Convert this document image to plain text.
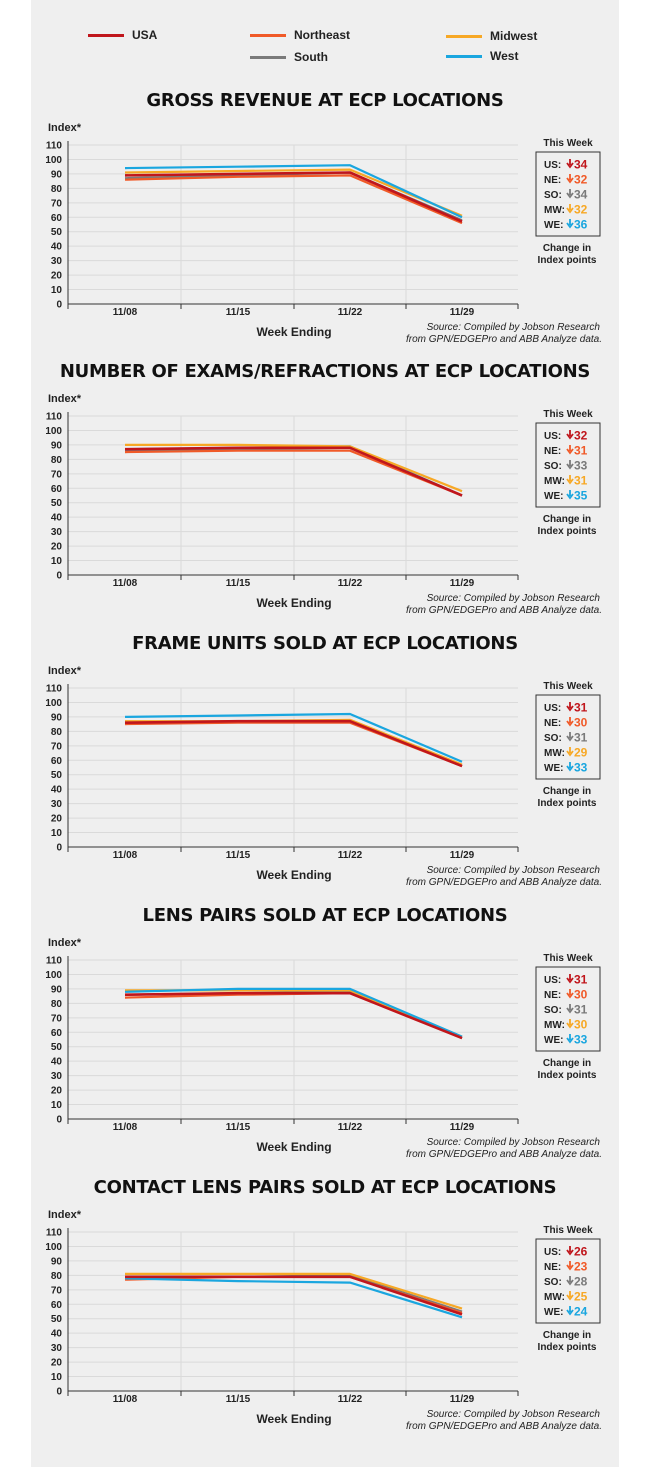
USA	Northeast
South
Midwest
West
GROSS REVENUE AT ECP LOCATIONS
Index*
0
10
20
30
40
50
60
70
80
90
100
110
11/08	11/15	11/22	11/29
Week Ending	Source: Compiled by Jobson Research
from GPN/EDGEPro and ABB Analyze data.
This Week
US: 34
NE: 32
SO: 34
MW: 32
WE: 36
Change in
Index points
NUMBER OF EXAMS/REFRACTIONS AT ECP LOCATIONS
Index*
0
10
20
30
40
50
60
70
80
90
100
110
11/08	11/15	11/22	11/29
Week Ending	Source: Compiled by Jobson Research
from GPN/EDGEPro and ABB Analyze data.
This Week
US: 32
NE: 31
SO: 33
MW: 31
WE: 35
Change in
Index points
FRAME UNITS SOLD AT ECP LOCATIONS
Index*
0
10
20
30
40
50
60
70
80
90
100
110
11/08	11/15	11/22	11/29
Week Ending	Source: Compiled by Jobson Research
from GPN/EDGEPro and ABB Analyze data.
This Week
US: 31
NE: 30
SO: 31
MW: 29
WE: 33
Change in
Index points
LENS PAIRS SOLD AT ECP LOCATIONS
Index*
0
10
20
30
40
50
60
70
80
90
100
110
11/08	11/15	11/22	11/29
Week Ending	Source: Compiled by Jobson Research
from GPN/EDGEPro and ABB Analyze data.
This Week
US: 31
NE: 30
SO: 31
MW: 30
WE: 33
Change in
Index points
CONTACT LENS PAIRS SOLD AT ECP LOCATIONS
Index*
0
10
20
30
40
50
60
70
80
90
100
110
11/08	11/15	11/22	11/29
Week Ending	Source: Compiled by Jobson Research
from GPN/EDGEPro and ABB Analyze data.
This Week
US: 26
NE: 23
SO: 28
MW: 25
WE: 24
Change in
Index points
